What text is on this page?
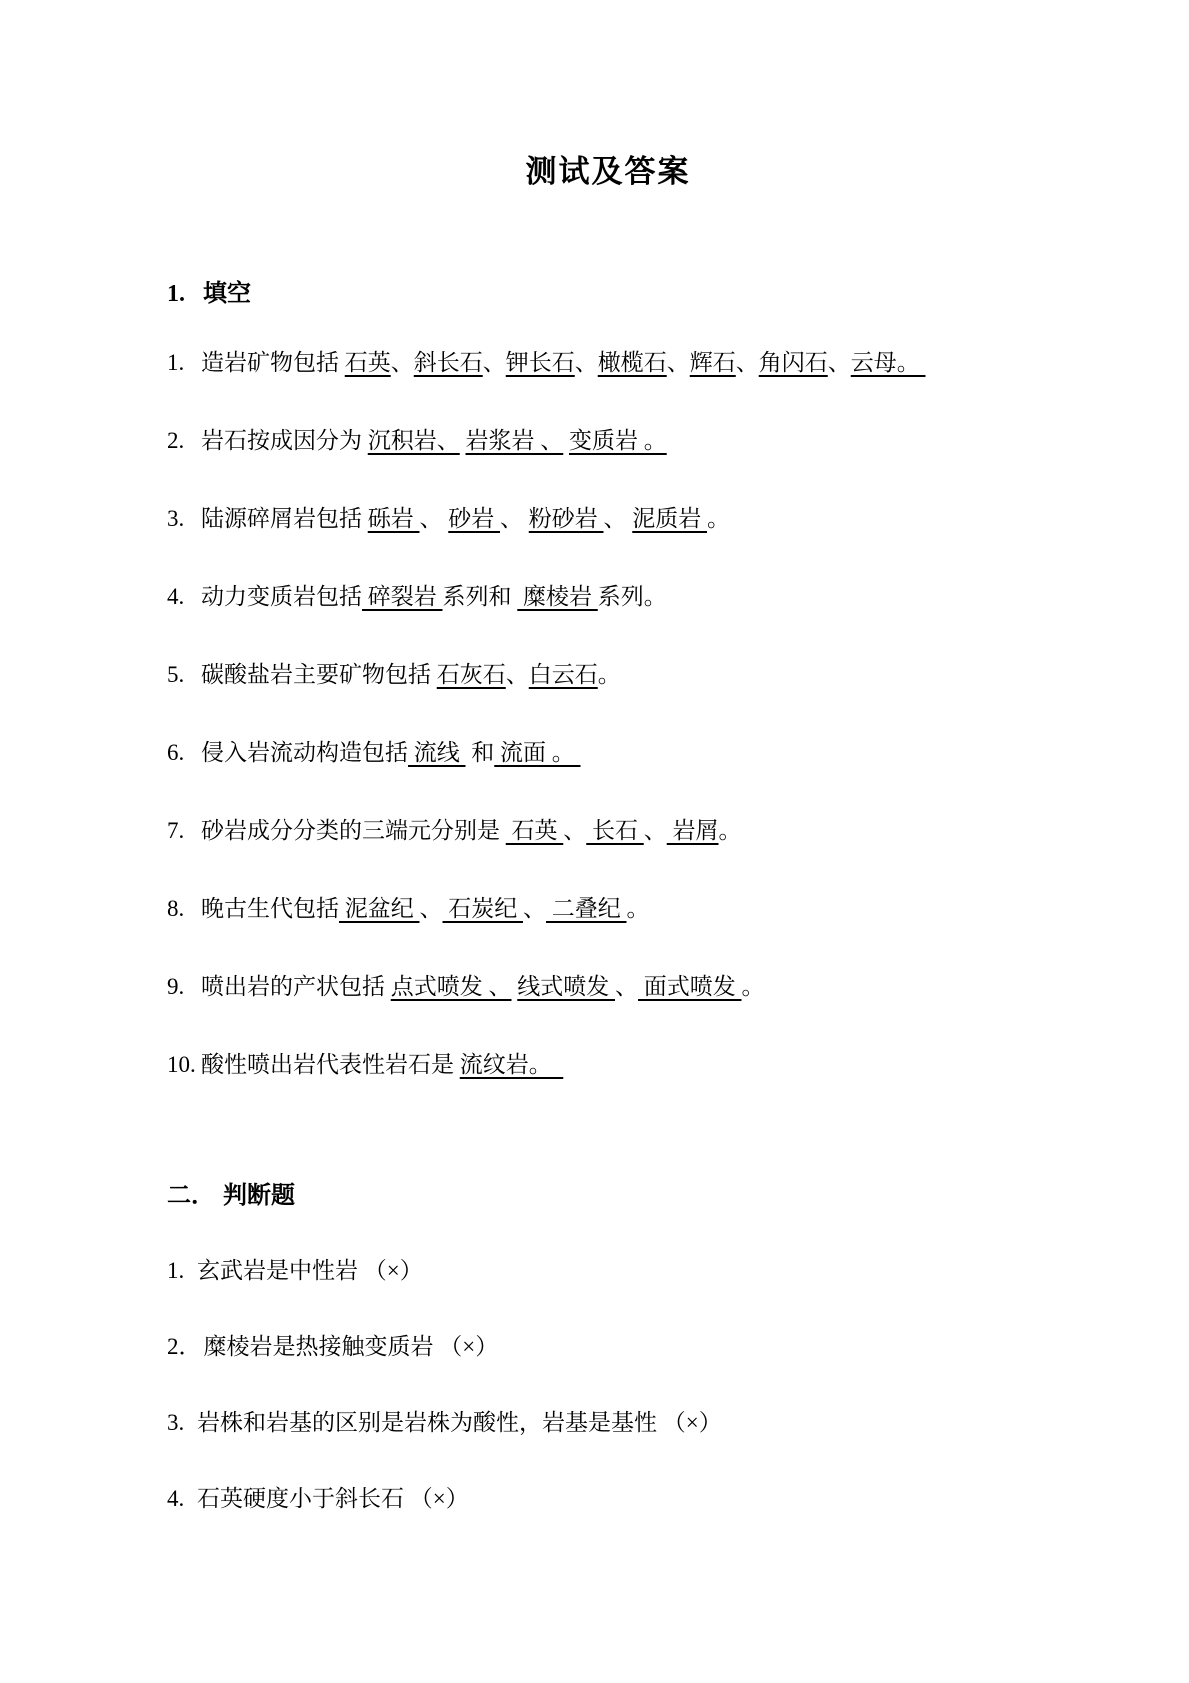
测试及答案
1. 填空
1. 造岩矿物包括 石英、斜长石、钾长石、橄榄石、辉石、角闪石、云母。
2. 岩石按成因分为 沉积岩、 岩浆岩 、 变质岩 。
3. 陆源碎屑岩包括 砾岩 、 砂岩 、 粉砂岩 、 泥质岩 。
4. 动力变质岩包括 碎裂岩 系列和  糜棱岩 系列。
5. 碳酸盐岩主要矿物包括 石灰石、白云石。
6. 侵入岩流动构造包括 流线  和 流面 。
7. 砂岩成分分类的三端元分别是  石英 、 长石 、 岩屑。
8. 晚古生代包括 泥盆纪 、 石炭纪 、 二叠纪 。
9. 喷出岩的产状包括 点式喷发 、 线式喷发 、 面式喷发 。
10. 酸性喷出岩代表性岩石是 流纹岩。
二． 判断题
1. 玄武岩是中性岩 （×）
2． 糜棱岩是热接触变质岩 （×）
3. 岩株和岩基的区别是岩株为酸性，岩基是基性 （×）
4. 石英硬度小于斜长石 （×）
